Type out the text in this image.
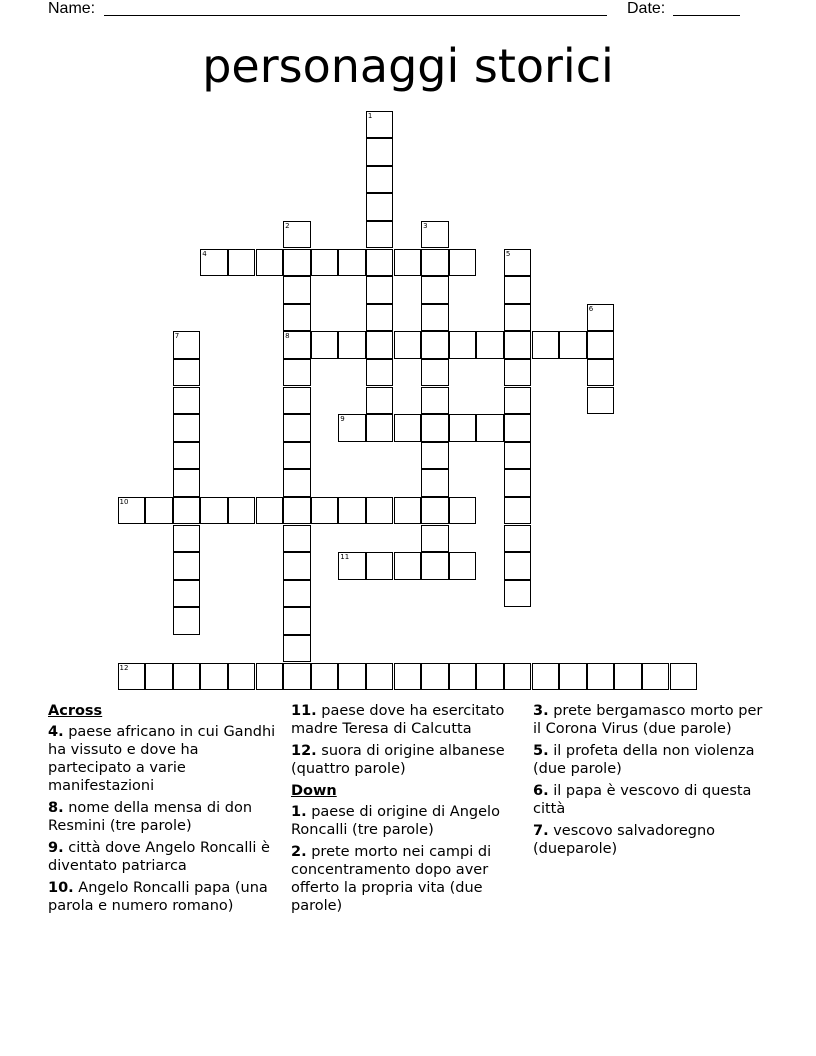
Name:	Date:
personaggi storici
1
2
8
3
4	5
6
7
9
10
11
12
Across
4. paese africano in cui Gandhi ha vissuto e dove ha partecipato a varie manifestazioni
8. nome della mensa di don Resmini (tre parole)
9. città dove Angelo Roncalli è diventato patriarca
10. Angelo Roncalli papa (una parola e numero romano)
11. paese dove ha esercitato madre Teresa di Calcutta
12. suora di origine albanese (quattro parole)
Down
1. paese di origine di Angelo Roncalli (tre parole)
2. prete morto nei campi di concentramento dopo aver offerto la propria vita (due parole)
3. prete bergamasco morto per il Corona Virus (due parole)
5. il profeta della non violenza (due parole)
6. il papa è vescovo di questa città
7. vescovo salvadoregno (dueparole)
